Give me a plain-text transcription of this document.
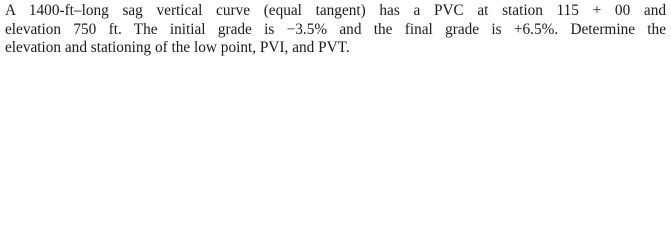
A 1400-ft–long sag vertical curve (equal tangent) has a PVC at station 115 + 00 and
elevation 750 ft. The initial grade is −3.5% and the final grade is +6.5%. Determine the
elevation and stationing of the low point, PVI, and PVT.
